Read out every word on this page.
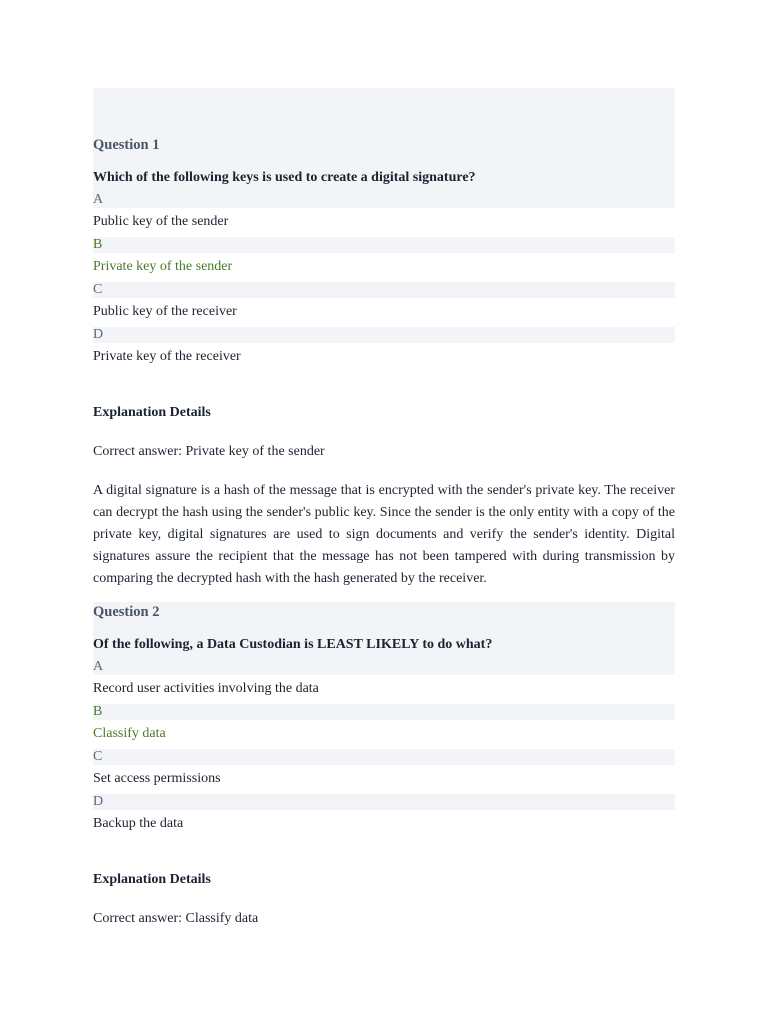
Question 1
Which of the following keys is used to create a digital signature?
A
Public key of the sender
B
Private key of the sender
C
Public key of the receiver
D
Private key of the receiver
Explanation Details
Correct answer: Private key of the sender
A digital signature is a hash of the message that is encrypted with the sender's private key. The receiver can decrypt the hash using the sender's public key. Since the sender is the only entity with a copy of the private key, digital signatures are used to sign documents and verify the sender's identity. Digital signatures assure the recipient that the message has not been tampered with during transmission by comparing the decrypted hash with the hash generated by the receiver.
Question 2
Of the following, a Data Custodian is LEAST LIKELY to do what?
A
Record user activities involving the data
B
Classify data
C
Set access permissions
D
Backup the data
Explanation Details
Correct answer: Classify data
